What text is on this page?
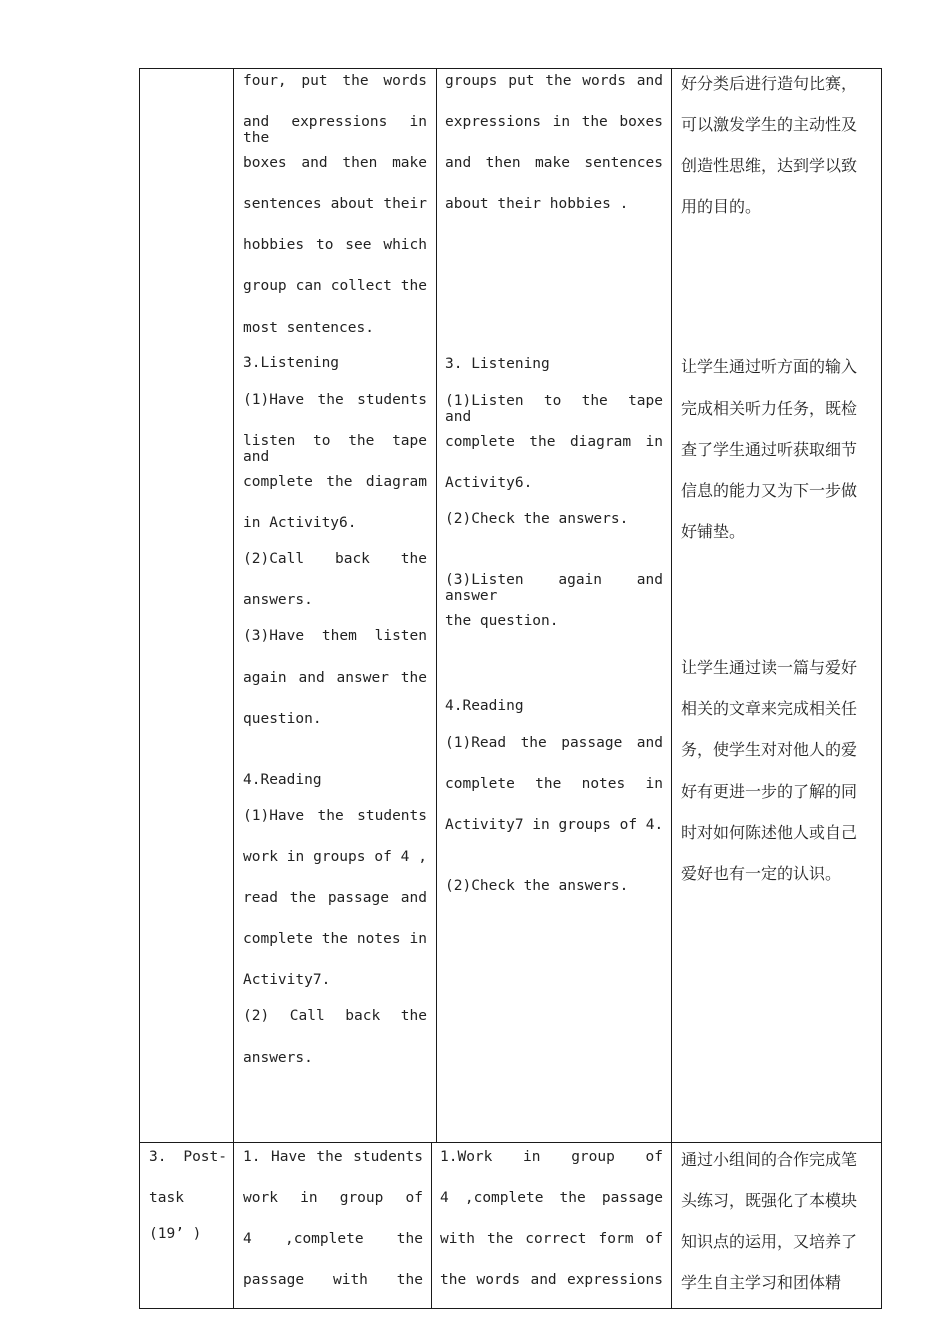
four, put the words
and expressions in the
boxes and then make
sentences about their
hobbies to see which
group can collect the
most sentences.
3.Listening
(1)Have the students
listen to the tape and
complete the diagram
in Activity6.
(2)Call back the
answers.
(3)Have them listen
again and answer the
question.
4.Reading
(1)Have the students
work in groups of 4 ,
read the passage and
complete the notes in
Activity7.
(2) Call back the
answers.
groups put the words and
expressions in the boxes
and then make sentences
about their hobbies .
3. Listening
(1)Listen to the tape and
complete the diagram in
Activity6.
(2)Check the answers.
(3)Listen again and answer
the question.
4.Reading
(1)Read the passage and
complete the notes in
Activity7 in groups of 4.
(2)Check the answers.
好分类后进行造句比赛，
可以激发学生的主动性及
创造性思维，达到学以致
用的目的。
让学生通过听方面的输入
完成相关听力任务，既检
查了学生通过听获取细节
信息的能力又为下一步做
好铺垫。
让学生通过读一篇与爱好
相关的文章来完成相关任
务，使学生对对他人的爱
好有更进一步的了解的同
时对如何陈述他人或自己
爱好也有一定的认识。
3. Post-
task
(19’ )
1. Have the students
work in group of
4 ,complete the
passage with the
1.Work in group of
4 ,complete the passage
with the correct form of
the words and expressions
通过小组间的合作完成笔
头练习，既强化了本模块
知识点的运用，又培养了
学生自主学习和团体精
